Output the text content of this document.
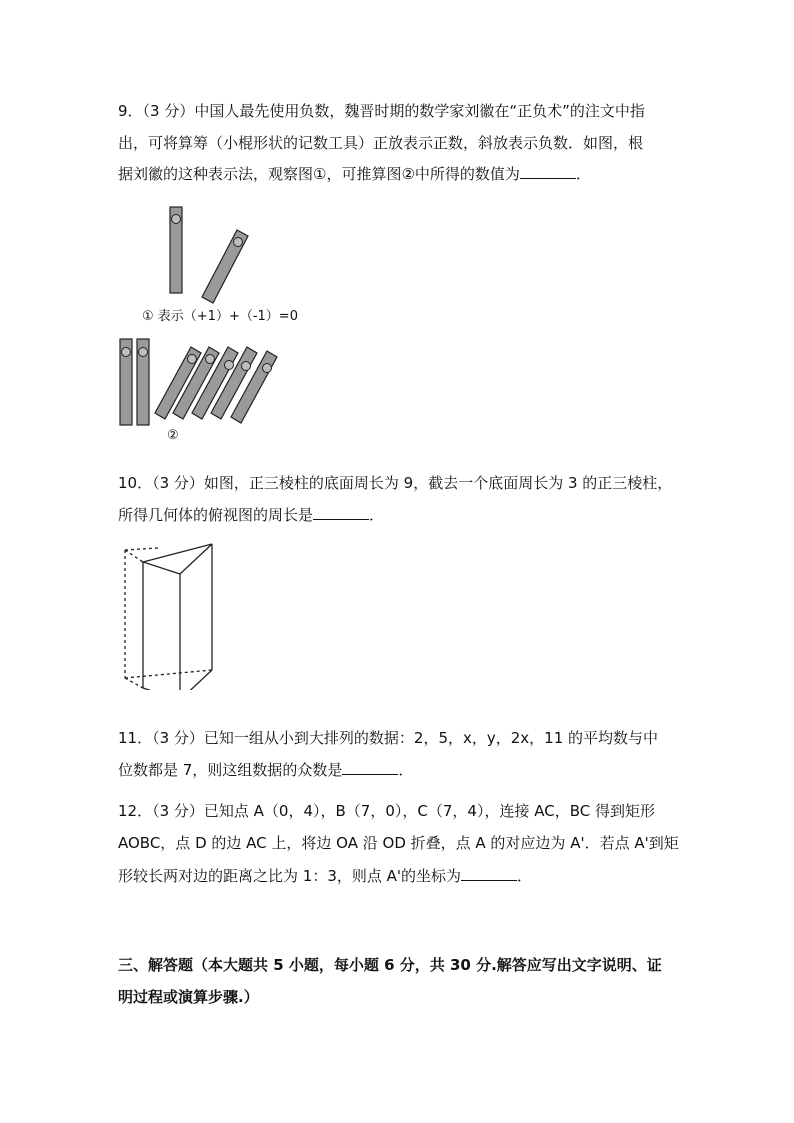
9．（3 分）中国人最先使用负数，魏晋时期的数学家刘徽在“正负术”的注文中指
出，可将算筹（小棍形状的记数工具）正放表示正数，斜放表示负数．如图，根
据刘徽的这种表示法，观察图①，可推算图②中所得的数值为	．
① 表示（+1）+（-1）=0
②
10．（3 分）如图，正三棱柱的底面周长为 9，截去一个底面周长为 3 的正三棱柱，
所得几何体的俯视图的周长是	．
11．（3 分）已知一组从小到大排列的数据：2，5，x，y，2x，11 的平均数与中
位数都是 7，则这组数据的众数是	．
12．（3 分）已知点 A（0，4），B（7，0），C（7，4），连接 AC，BC 得到矩形
AOBC，点 D 的边 AC 上，将边 OA 沿 OD 折叠，点 A 的对应边为 A'．若点 A'到矩
形较长两对边的距离之比为 1：3，则点 A'的坐标为	．
三、解答题（本大题共 5 小题，每小题 6 分，共 30 分.解答应写出文字说明、证
明过程或演算步骤.）
